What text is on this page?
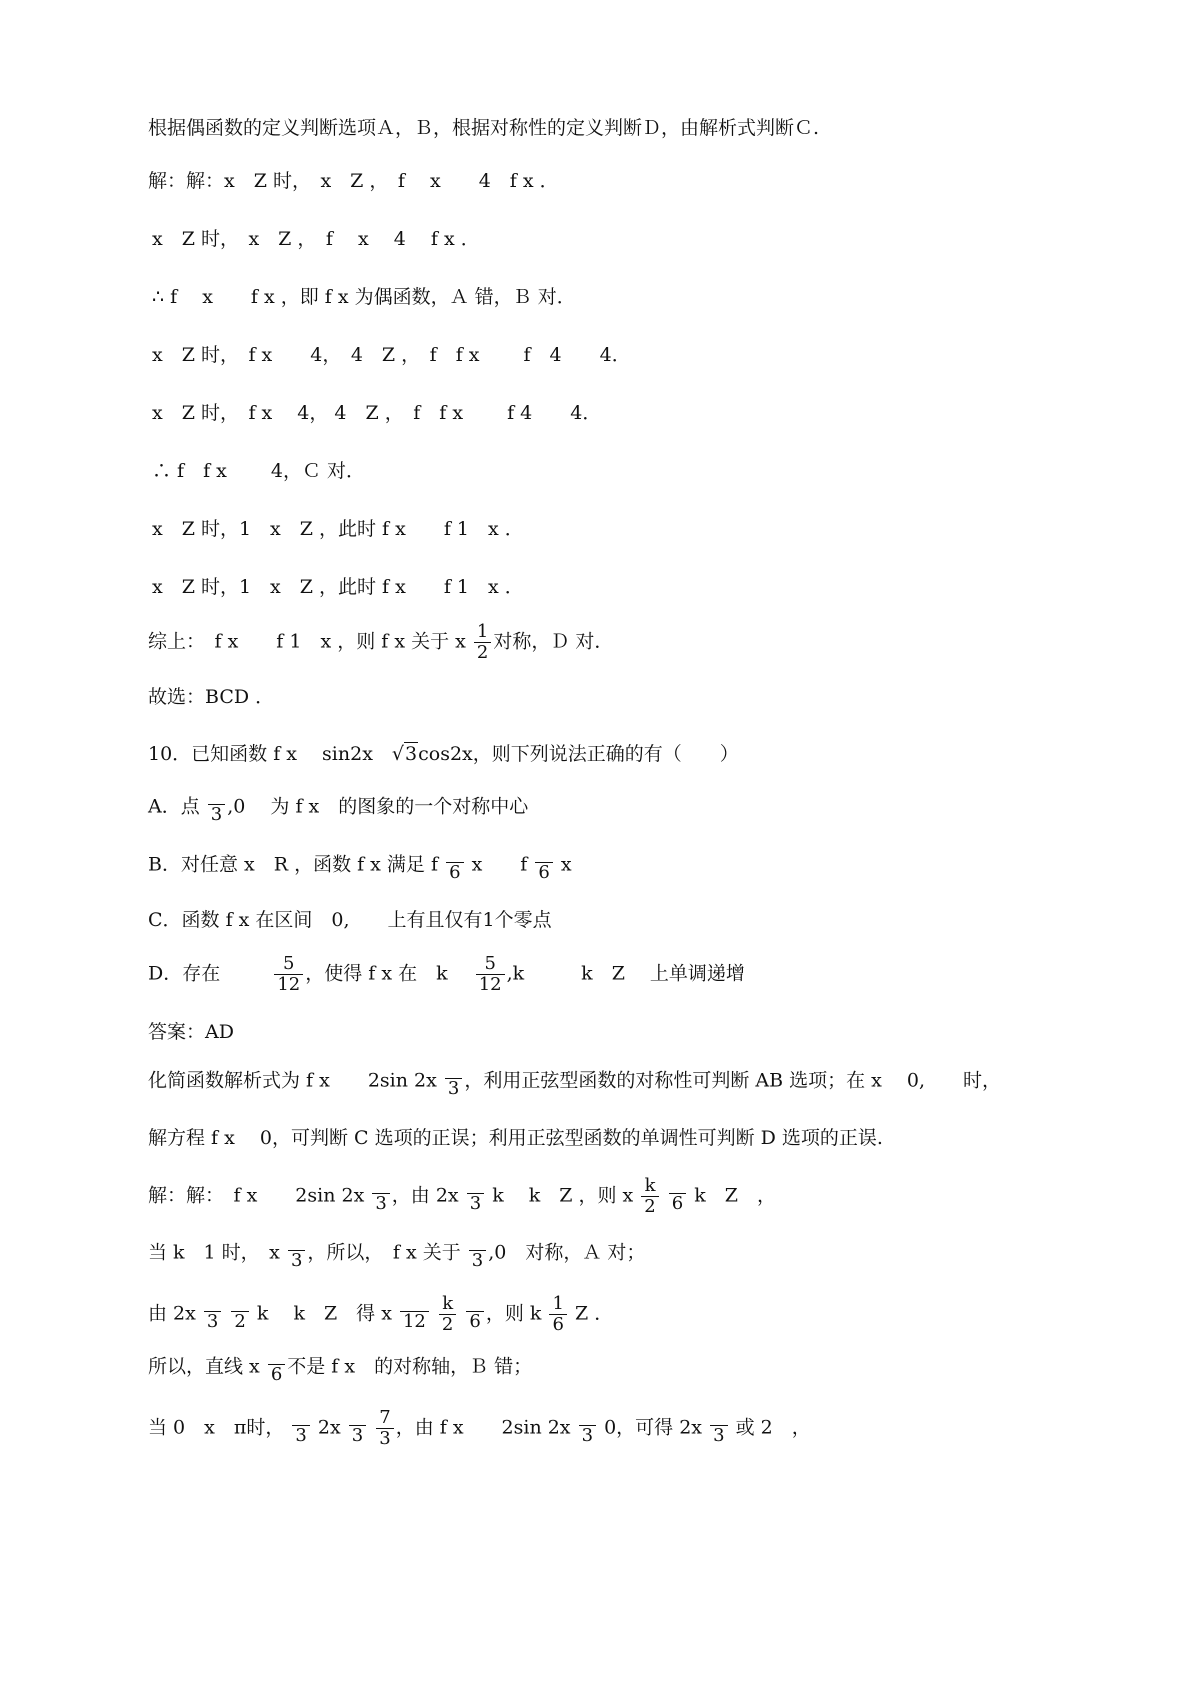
根据偶函数的定义判断选项Ａ，Ｂ，根据对称性的定义判断Ｄ，由解析式判断Ｃ.
解：解：x　Z 时，　x　Z ，　f　 x　　4　f x ．
x　Z 时，　x　Z ，　f　 x　 4　 f x ．
∴ f　 x　　f x ，即 f x 为偶函数，Ａ 错，Ｂ 对．
x　Z 时，　f x　　4，　4　Z ，　f　f x　　 f　4　　4．
x　Z 时，　f x　 4， 4　Z ，　f　f x　　 f 4　　4．
∴ f　f x　　 4，Ｃ 对．
x　Z 时，1　x　Z ，此时 f x　　f 1　x ．
x　Z 时，1　x　Z ，此时 f x　　f 1　x ．
综上：　f x　　f 1　x ，则 f x 关于 x $\frac{1}{2}$ 对称，Ｄ 对．
故选：BCD ．
10．已知函数 f x　 sin2x　√3cos2x，则下列说法正确的有（　　）
A．点 3 ,0 　为 f x　的图象的一个对称中心
B．对任意 x　R ，函数 f x 满足 f 6 x　　f 6 x
C．函数 f x 在区间　0,　　上有且仅有1个零点
D．存在	$\frac{5}{12}$ ，使得 f x 在　k $\frac{5}{12} ,k$　　　k　Z 　上单调递增
答案：AD
化简函数解析式为 f x　　2sin 2x 3 ，利用正弦型函数的对称性可判断 AB 选项；在 x　 0,　　时，
解方程 f x　 0，可判断 C 选项的正误；利用正弦型函数的单调性可判断 D 选项的正误.
解：解：　f x　　2sin 2x 3 ，由 2x 3 k　 k　Z ，则 x $\frac{k}{2}$
6 k　Z　，
当 k　1 时，　x 3 ，所以，　f x 关于 3 ,0　对称，Ａ 对；
由 2x 3
2 k　 k　Z　得 x 12
$\frac{k}{2}$
6 ，则 k $\frac{1}{6}$ Z ．
所以，直线 x 6 不是 f x　的对称轴，Ｂ 错；
当 0　x　π时， 3 2x 3
$\frac{7}{3}$ ，由 f x　　2sin 2x 3 0，可得 2x 3 或 2　，
